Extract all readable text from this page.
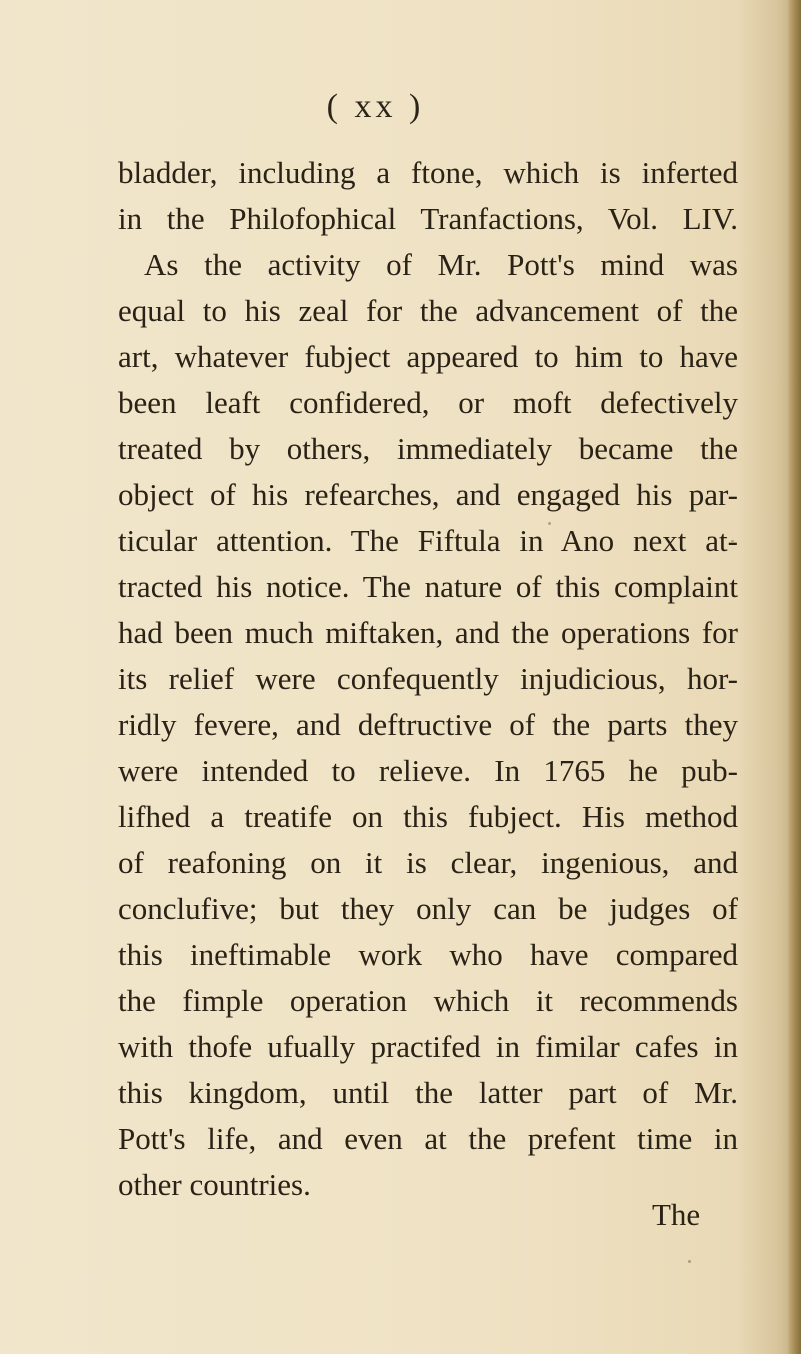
( xx )
bladder, including a ftone, which is inferted
in the Philofophical Tranfactions, Vol. LIV.
As the activity of Mr. Pott's mind was
equal to his zeal for the advancement of the
art, whatever fubject appeared to him to have
been leaft confidered, or moft defectively
treated by others, immediately became the
object of his refearches, and engaged his par-
ticular attention. The Fiftula in Ano next at-
tracted his notice. The nature of this complaint
had been much miftaken, and the operations for
its relief were confequently injudicious, hor-
ridly fevere, and deftructive of the parts they
were intended to relieve. In 1765 he pub-
lifhed a treatife on this fubject. His method
of reafoning on it is clear, ingenious, and
conclufive; but they only can be judges of
this ineftimable work who have compared
the fimple operation which it recommends
with thofe ufually practifed in fimilar cafes in
this kingdom, until the latter part of Mr.
Pott's life, and even at the prefent time in
other countries.
The
